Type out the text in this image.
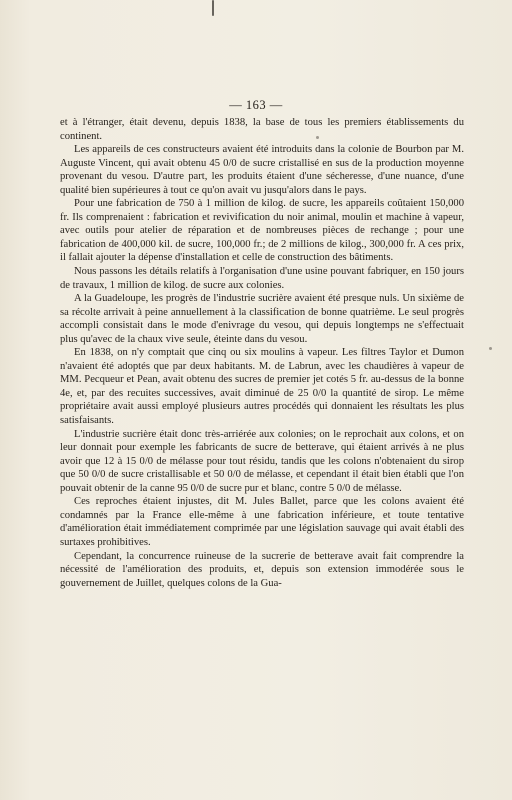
— 163 —

et à l'étranger, était devenu, depuis 1838, la base de tous les premiers établissements du continent.

Les appareils de ces constructeurs avaient été introduits dans la colonie de Bourbon par M. Auguste Vincent, qui avait obtenu 45 0/0 de sucre cristallisé en sus de la production moyenne provenant du vesou. D'autre part, les produits étaient d'une sécheresse, d'une nuance, d'une qualité bien supérieures à tout ce qu'on avait vu jusqu'alors dans le pays.

Pour une fabrication de 750 à 1 million de kilog. de sucre, les appareils coûtaient 150,000 fr. Ils comprenaient : fabrication et revivification du noir animal, moulin et machine à vapeur, avec outils pour atelier de réparation et de nombreuses pièces de rechange ; pour une fabrication de 400,000 kil. de sucre, 100,000 fr.; de 2 millions de kilog., 300,000 fr. A ces prix, il fallait ajouter la dépense d'installation et celle de construction des bâtiments.

Nous passons les détails relatifs à l'organisation d'une usine pouvant fabriquer, en 150 jours de travaux, 1 million de kilog. de sucre aux colonies.

A la Guadeloupe, les progrès de l'industrie sucrière avaient été presque nuls. Un sixième de sa récolte arrivait à peine annuellement à la classification de bonne quatrième. Le seul progrès accompli consistait dans le mode d'enivrage du vesou, qui depuis longtemps ne s'effectuait plus qu'avec de la chaux vive seule, éteinte dans du vesou.

En 1838, on n'y comptait que cinq ou six moulins à vapeur. Les filtres Taylor et Dumon n'avaient été adoptés que par deux habitants. M. de Labrun, avec les chaudières à vapeur de MM. Pecqueur et Pean, avait obtenu des sucres de premier jet cotés 5 fr. au-dessus de la bonne 4e, et, par des recuites successives, avait diminué de 25 0/0 la quantité de sirop. Le même propriétaire avait aussi employé plusieurs autres procédés qui donnaient les résultats les plus satisfaisants.

L'industrie sucrière était donc très-arriérée aux colonies; on le reprochait aux colons, et on leur donnait pour exemple les fabricants de sucre de betterave, qui étaient arrivés à ne plus avoir que 12 à 15 0/0 de mélasse pour tout résidu, tandis que les colons n'obtenaient du sirop que 50 0/0 de sucre cristallisable et 50 0/0 de mélasse, et cependant il était bien établi que l'on pouvait obtenir de la canne 95 0/0 de sucre pur et blanc, contre 5 0/0 de mélasse.

Ces reproches étaient injustes, dit M. Jules Ballet, parce que les colons avaient été condamnés par la France elle-même à une fabrication inférieure, et toute tentative d'amélioration était immédiatement comprimée par une législation sauvage qui avait établi des surtaxes prohibitives.

Cependant, la concurrence ruineuse de la sucrerie de betterave avait fait comprendre la nécessité de l'amélioration des produits, et, depuis son extension immodérée sous le gouvernement de Juillet, quelques colons de la Gua-
